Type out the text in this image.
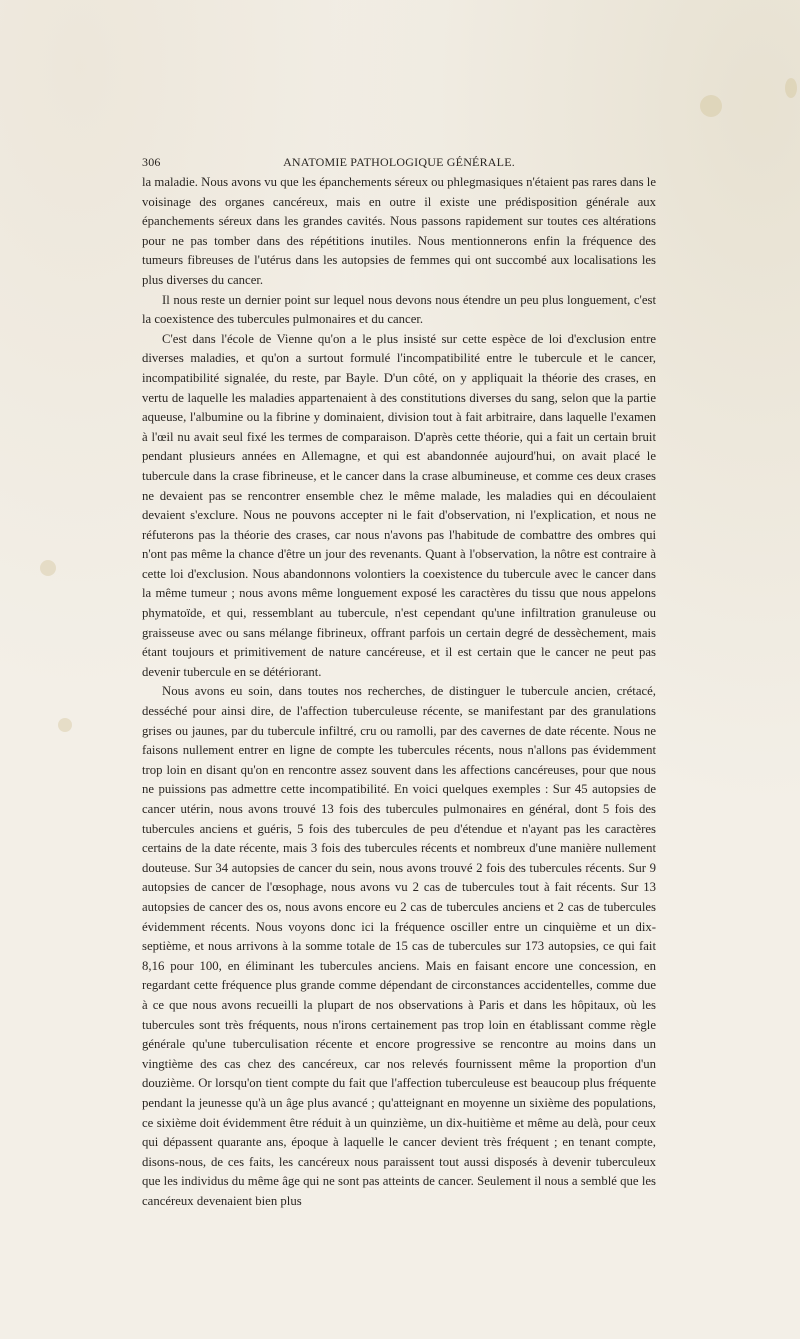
306	ANATOMIE PATHOLOGIQUE GÉNÉRALE.

la maladie. Nous avons vu que les épanchements séreux ou phlegmasiques n'étaient pas rares dans le voisinage des organes cancéreux, mais en outre il existe une prédisposition générale aux épanchements séreux dans les grandes cavités. Nous passons rapidement sur toutes ces altérations pour ne pas tomber dans des répétitions inutiles. Nous mentionnerons enfin la fréquence des tumeurs fibreuses de l'utérus dans les autopsies de femmes qui ont succombé aux localisations les plus diverses du cancer.

Il nous reste un dernier point sur lequel nous devons nous étendre un peu plus longuement, c'est la coexistence des tubercules pulmonaires et du cancer.

C'est dans l'école de Vienne qu'on a le plus insisté sur cette espèce de loi d'exclusion entre diverses maladies, et qu'on a surtout formulé l'incompatibilité entre le tubercule et le cancer, incompatibilité signalée, du reste, par Bayle. D'un côté, on y appliquait la théorie des crases, en vertu de laquelle les maladies appartenaient à des constitutions diverses du sang, selon que la partie aqueuse, l'albumine ou la fibrine y dominaient, division tout à fait arbitraire, dans laquelle l'examen à l'œil nu avait seul fixé les termes de comparaison. D'après cette théorie, qui a fait un certain bruit pendant plusieurs années en Allemagne, et qui est abandonnée aujourd'hui, on avait placé le tubercule dans la crase fibrineuse, et le cancer dans la crase albumineuse, et comme ces deux crases ne devaient pas se rencontrer ensemble chez le même malade, les maladies qui en découlaient devaient s'exclure. Nous ne pouvons accepter ni le fait d'observation, ni l'explication, et nous ne réfuterons pas la théorie des crases, car nous n'avons pas l'habitude de combattre des ombres qui n'ont pas même la chance d'être un jour des revenants. Quant à l'observation, la nôtre est contraire à cette loi d'exclusion. Nous abandonnons volontiers la coexistence du tubercule avec le cancer dans la même tumeur ; nous avons même longuement exposé les caractères du tissu que nous appelons phymatoïde, et qui, ressemblant au tubercule, n'est cependant qu'une infiltration granuleuse ou graisseuse avec ou sans mélange fibrineux, offrant parfois un certain degré de dessèchement, mais étant toujours et primitivement de nature cancéreuse, et il est certain que le cancer ne peut pas devenir tubercule en se détériorant.

Nous avons eu soin, dans toutes nos recherches, de distinguer le tubercule ancien, crétacé, desséché pour ainsi dire, de l'affection tuberculeuse récente, se manifestant par des granulations grises ou jaunes, par du tubercule infiltré, cru ou ramolli, par des cavernes de date récente. Nous ne faisons nullement entrer en ligne de compte les tubercules récents, nous n'allons pas évidemment trop loin en disant qu'on en rencontre assez souvent dans les affections cancéreuses, pour que nous ne puissions pas admettre cette incompatibilité. En voici quelques exemples : Sur 45 autopsies de cancer utérin, nous avons trouvé 13 fois des tubercules pulmonaires en général, dont 5 fois des tubercules anciens et guéris, 5 fois des tubercules de peu d'étendue et n'ayant pas les caractères certains de la date récente, mais 3 fois des tubercules récents et nombreux d'une manière nullement douteuse. Sur 34 autopsies de cancer du sein, nous avons trouvé 2 fois des tubercules récents. Sur 9 autopsies de cancer de l'œsophage, nous avons vu 2 cas de tubercules tout à fait récents. Sur 13 autopsies de cancer des os, nous avons encore eu 2 cas de tubercules anciens et 2 cas de tubercules évidemment récents. Nous voyons donc ici la fréquence osciller entre un cinquième et un dix-septième, et nous arrivons à la somme totale de 15 cas de tubercules sur 173 autopsies, ce qui fait 8,16 pour 100, en éliminant les tubercules anciens. Mais en faisant encore une concession, en regardant cette fréquence plus grande comme dépendant de circonstances accidentelles, comme due à ce que nous avons recueilli la plupart de nos observations à Paris et dans les hôpitaux, où les tubercules sont très fréquents, nous n'irons certainement pas trop loin en établissant comme règle générale qu'une tuberculisation récente et encore progressive se rencontre au moins dans un vingtième des cas chez des cancéreux, car nos relevés fournissent même la proportion d'un douzième. Or lorsqu'on tient compte du fait que l'affection tuberculeuse est beaucoup plus fréquente pendant la jeunesse qu'à un âge plus avancé ; qu'atteignant en moyenne un sixième des populations, ce sixième doit évidemment être réduit à un quinzième, un dix-huitième et même au delà, pour ceux qui dépassent quarante ans, époque à laquelle le cancer devient très fréquent ; en tenant compte, disons-nous, de ces faits, les cancéreux nous paraissent tout aussi disposés à devenir tuberculeux que les individus du même âge qui ne sont pas atteints de cancer. Seulement il nous a semblé que les cancéreux devenaient bien plus
